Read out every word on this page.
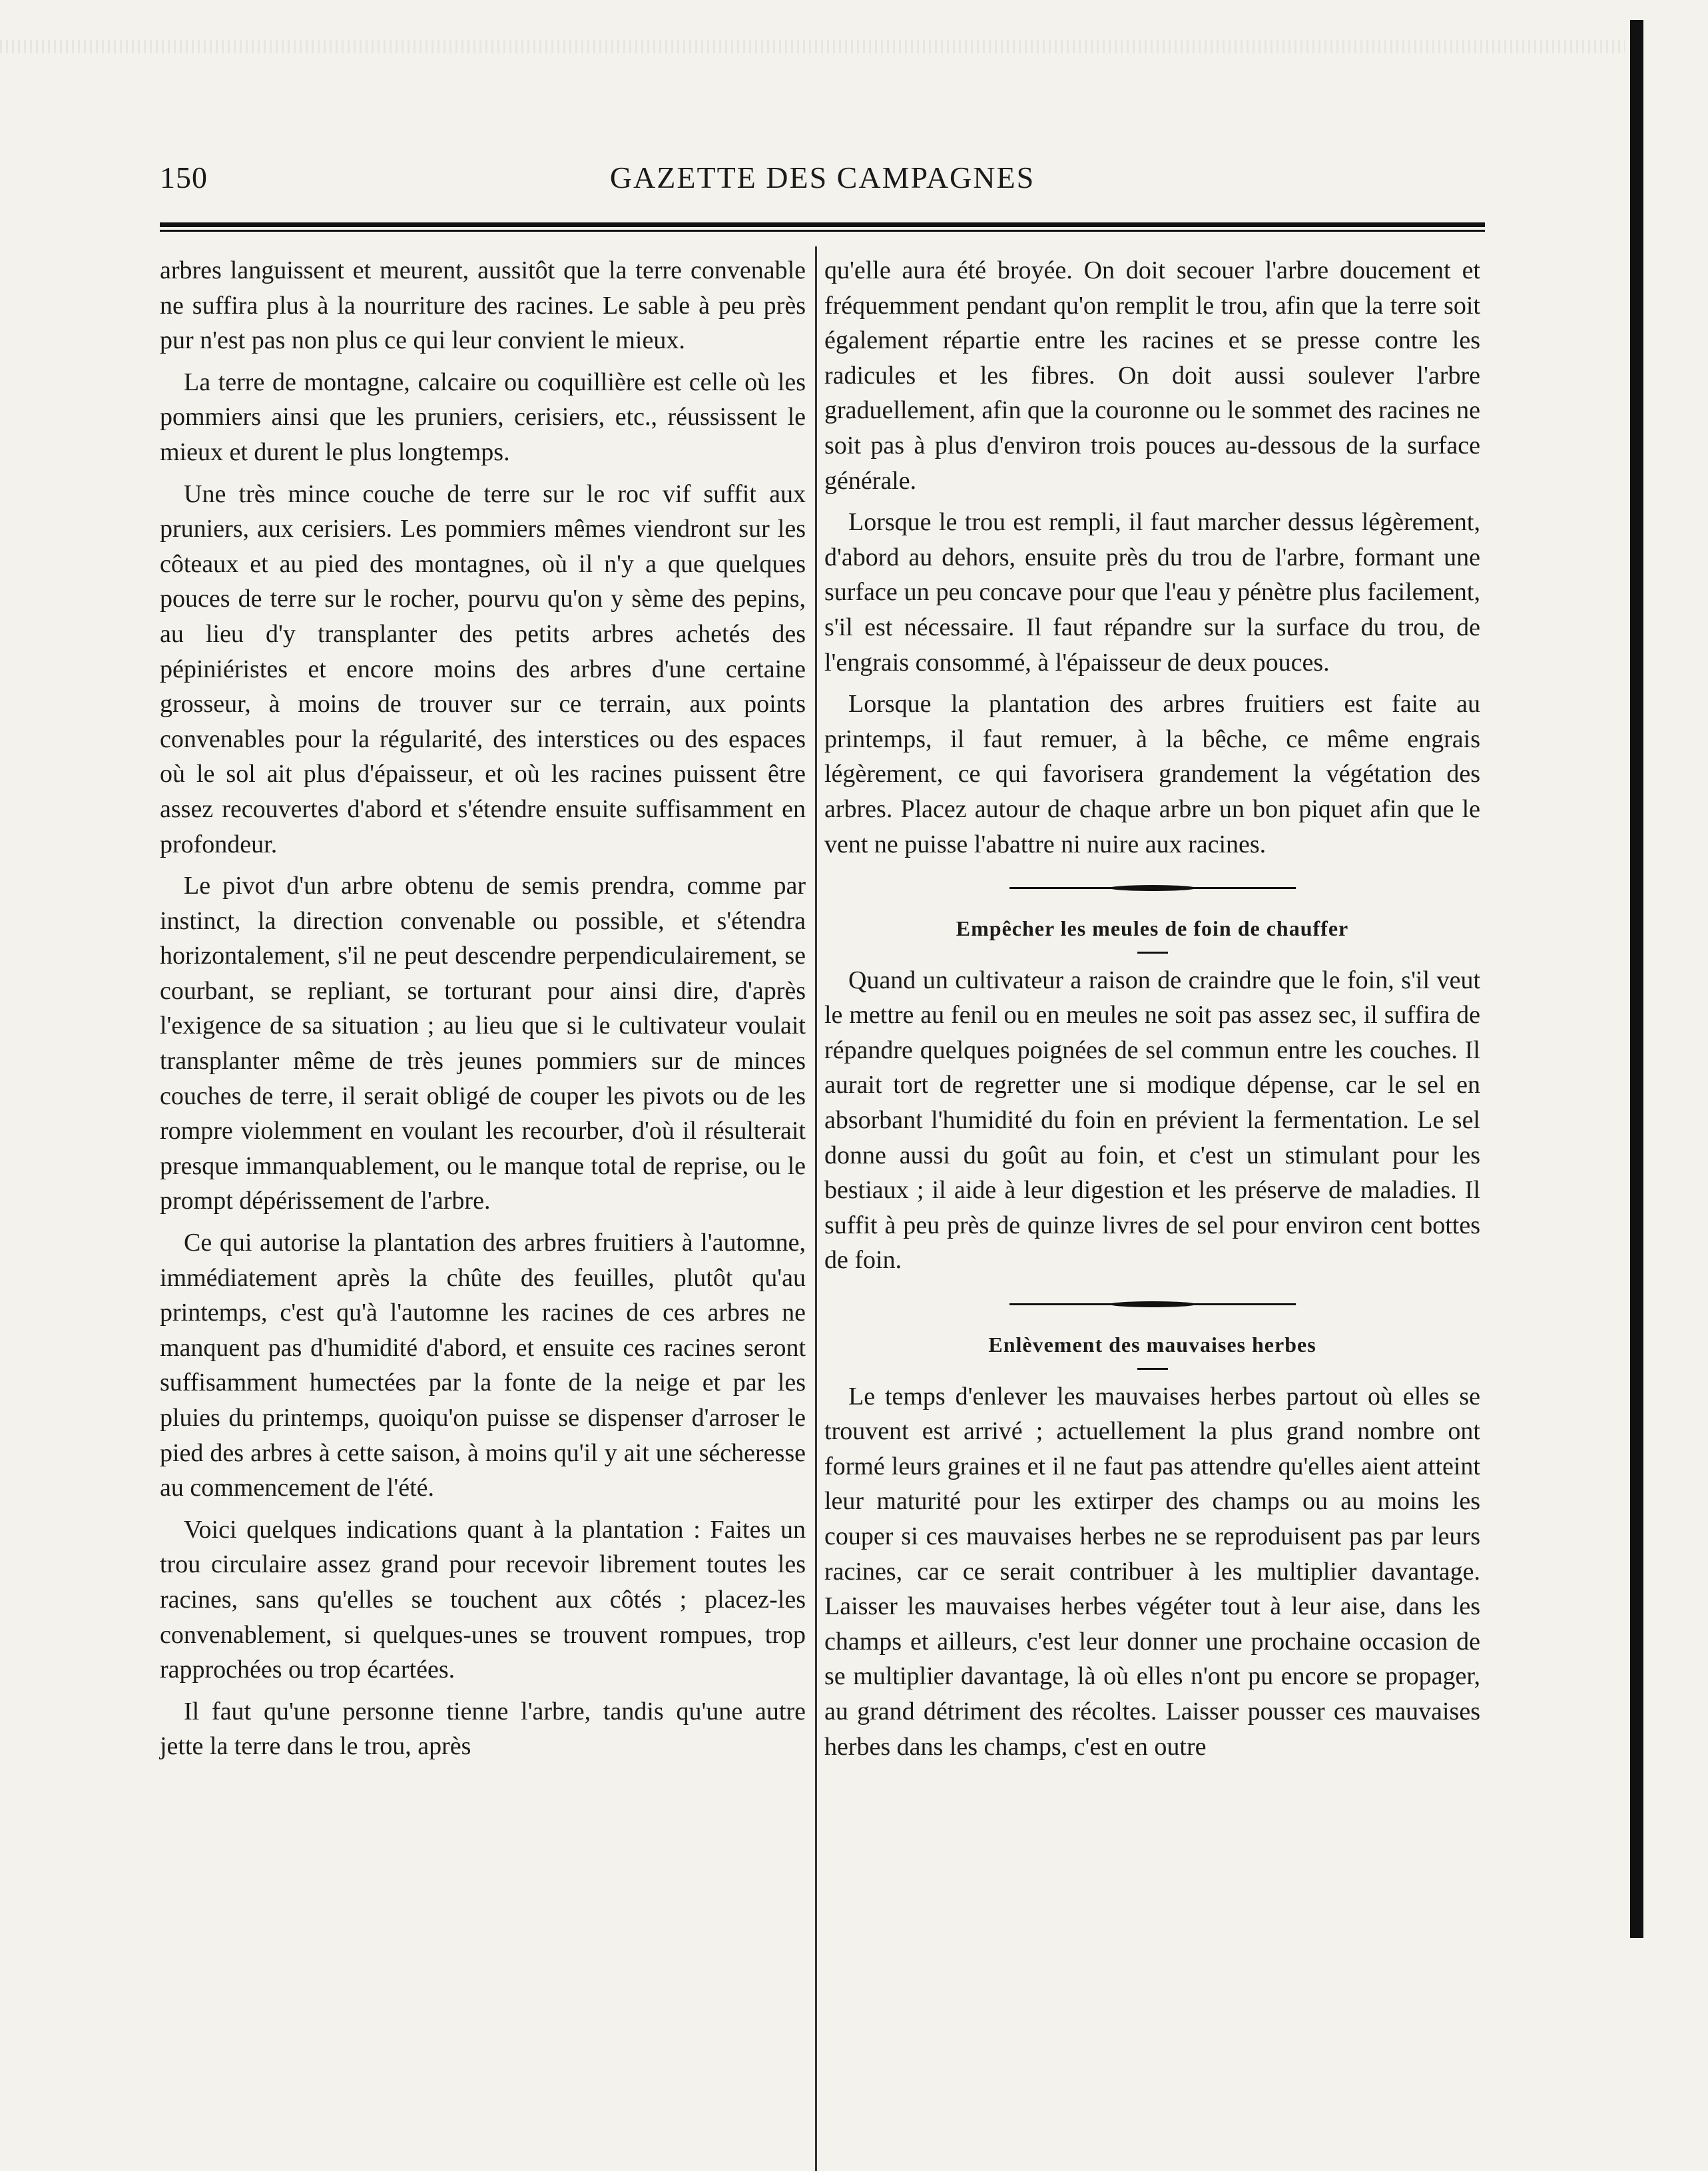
150	GAZETTE DES CAMPAGNES

arbres languissent et meurent, aussitôt que la terre convenable ne suffira plus à la nourriture des racines. Le sable à peu près pur n'est pas non plus ce qui leur convient le mieux.

La terre de montagne, calcaire ou coquillière est celle où les pommiers ainsi que les pruniers, cerisiers, etc., réussissent le mieux et durent le plus longtemps.

Une très mince couche de terre sur le roc vif suffit aux pruniers, aux cerisiers. Les pommiers mêmes viendront sur les côteaux et au pied des montagnes, où il n'y a que quelques pouces de terre sur le rocher, pourvu qu'on y sème des pepins, au lieu d'y transplanter des petits arbres achetés des pépiniéristes et encore moins des arbres d'une certaine grosseur, à moins de trouver sur ce terrain, aux points convenables pour la régularité, des interstices ou des espaces où le sol ait plus d'épaisseur, et où les racines puissent être assez recouvertes d'abord et s'étendre ensuite suffisamment en profondeur.

Le pivot d'un arbre obtenu de semis prendra, comme par instinct, la direction convenable ou possible, et s'étendra horizontalement, s'il ne peut descendre perpendiculairement, se courbant, se repliant, se torturant pour ainsi dire, d'après l'exigence de sa situation ; au lieu que si le cultivateur voulait transplanter même de très jeunes pommiers sur de minces couches de terre, il serait obligé de couper les pivots ou de les rompre violemment en voulant les recourber, d'où il résulterait presque immanquablement, ou le manque total de reprise, ou le prompt dépérissement de l'arbre.

Ce qui autorise la plantation des arbres fruitiers à l'automne, immédiatement après la chûte des feuilles, plutôt qu'au printemps, c'est qu'à l'automne les racines de ces arbres ne manquent pas d'humidité d'abord, et ensuite ces racines seront suffisamment humectées par la fonte de la neige et par les pluies du printemps, quoiqu'on puisse se dispenser d'arroser le pied des arbres à cette saison, à moins qu'il y ait une sécheresse au commencement de l'été.

Voici quelques indications quant à la plantation : Faites un trou circulaire assez grand pour recevoir librement toutes les racines, sans qu'elles se touchent aux côtés ; placez-les convenablement, si quelques-unes se trouvent rompues, trop rapprochées ou trop écartées.

Il faut qu'une personne tienne l'arbre, tandis qu'une autre jette la terre dans le trou, après

qu'elle aura été broyée. On doit secouer l'arbre doucement et fréquemment pendant qu'on remplit le trou, afin que la terre soit également répartie entre les racines et se presse contre les radicules et les fibres. On doit aussi soulever l'arbre graduellement, afin que la couronne ou le sommet des racines ne soit pas à plus d'environ trois pouces au-dessous de la surface générale.

Lorsque le trou est rempli, il faut marcher dessus légèrement, d'abord au dehors, ensuite près du trou de l'arbre, formant une surface un peu concave pour que l'eau y pénètre plus facilement, s'il est nécessaire. Il faut répandre sur la surface du trou, de l'engrais consommé, à l'épaisseur de deux pouces.

Lorsque la plantation des arbres fruitiers est faite au printemps, il faut remuer, à la bêche, ce même engrais légèrement, ce qui favorisera grandement la végétation des arbres. Placez autour de chaque arbre un bon piquet afin que le vent ne puisse l'abattre ni nuire aux racines.

Empêcher les meules de foin de chauffer

Quand un cultivateur a raison de craindre que le foin, s'il veut le mettre au fenil ou en meules ne soit pas assez sec, il suffira de répandre quelques poignées de sel commun entre les couches. Il aurait tort de regretter une si modique dépense, car le sel en absorbant l'humidité du foin en prévient la fermentation. Le sel donne aussi du goût au foin, et c'est un stimulant pour les bestiaux ; il aide à leur digestion et les préserve de maladies. Il suffit à peu près de quinze livres de sel pour environ cent bottes de foin.

Enlèvement des mauvaises herbes

Le temps d'enlever les mauvaises herbes partout où elles se trouvent est arrivé ; actuellement la plus grand nombre ont formé leurs graines et il ne faut pas attendre qu'elles aient atteint leur maturité pour les extirper des champs ou au moins les couper si ces mauvaises herbes ne se reproduisent pas par leurs racines, car ce serait contribuer à les multiplier davantage. Laisser les mauvaises herbes végéter tout à leur aise, dans les champs et ailleurs, c'est leur donner une prochaine occasion de se multiplier davantage, là où elles n'ont pu encore se propager, au grand détriment des récoltes. Laisser pousser ces mauvaises herbes dans les champs, c'est en outre
